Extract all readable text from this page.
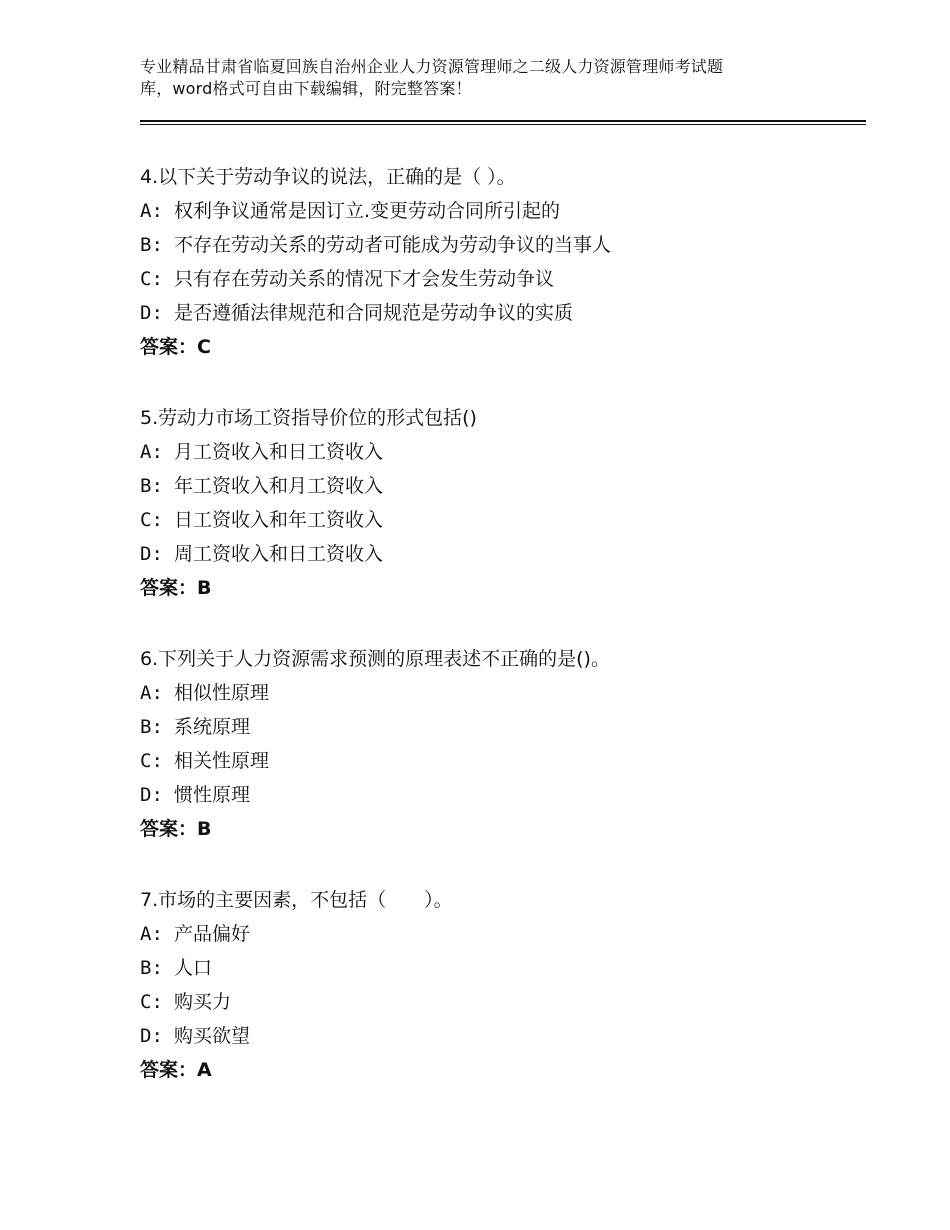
专业精品甘肃省临夏回族自治州企业人力资源管理师之二级人力资源管理师考试题
库，word格式可自由下载编辑，附完整答案！
4.以下关于劳动争议的说法，正确的是（ ）。
A: 权利争议通常是因订立.变更劳动合同所引起的
B: 不存在劳动关系的劳动者可能成为劳动争议的当事人
C: 只有存在劳动关系的情况下才会发生劳动争议
D: 是否遵循法律规范和合同规范是劳动争议的实质
答案：C
5.劳动力市场工资指导价位的形式包括()
A: 月工资收入和日工资收入
B: 年工资收入和月工资收入
C: 日工资收入和年工资收入
D: 周工资收入和日工资收入
答案：B
6.下列关于人力资源需求预测的原理表述不正确的是()。
A: 相似性原理
B: 系统原理
C: 相关性原理
D: 惯性原理
答案：B
7.市场的主要因素，不包括（　　）。
A: 产品偏好
B: 人口
C: 购买力
D: 购买欲望
答案：A
